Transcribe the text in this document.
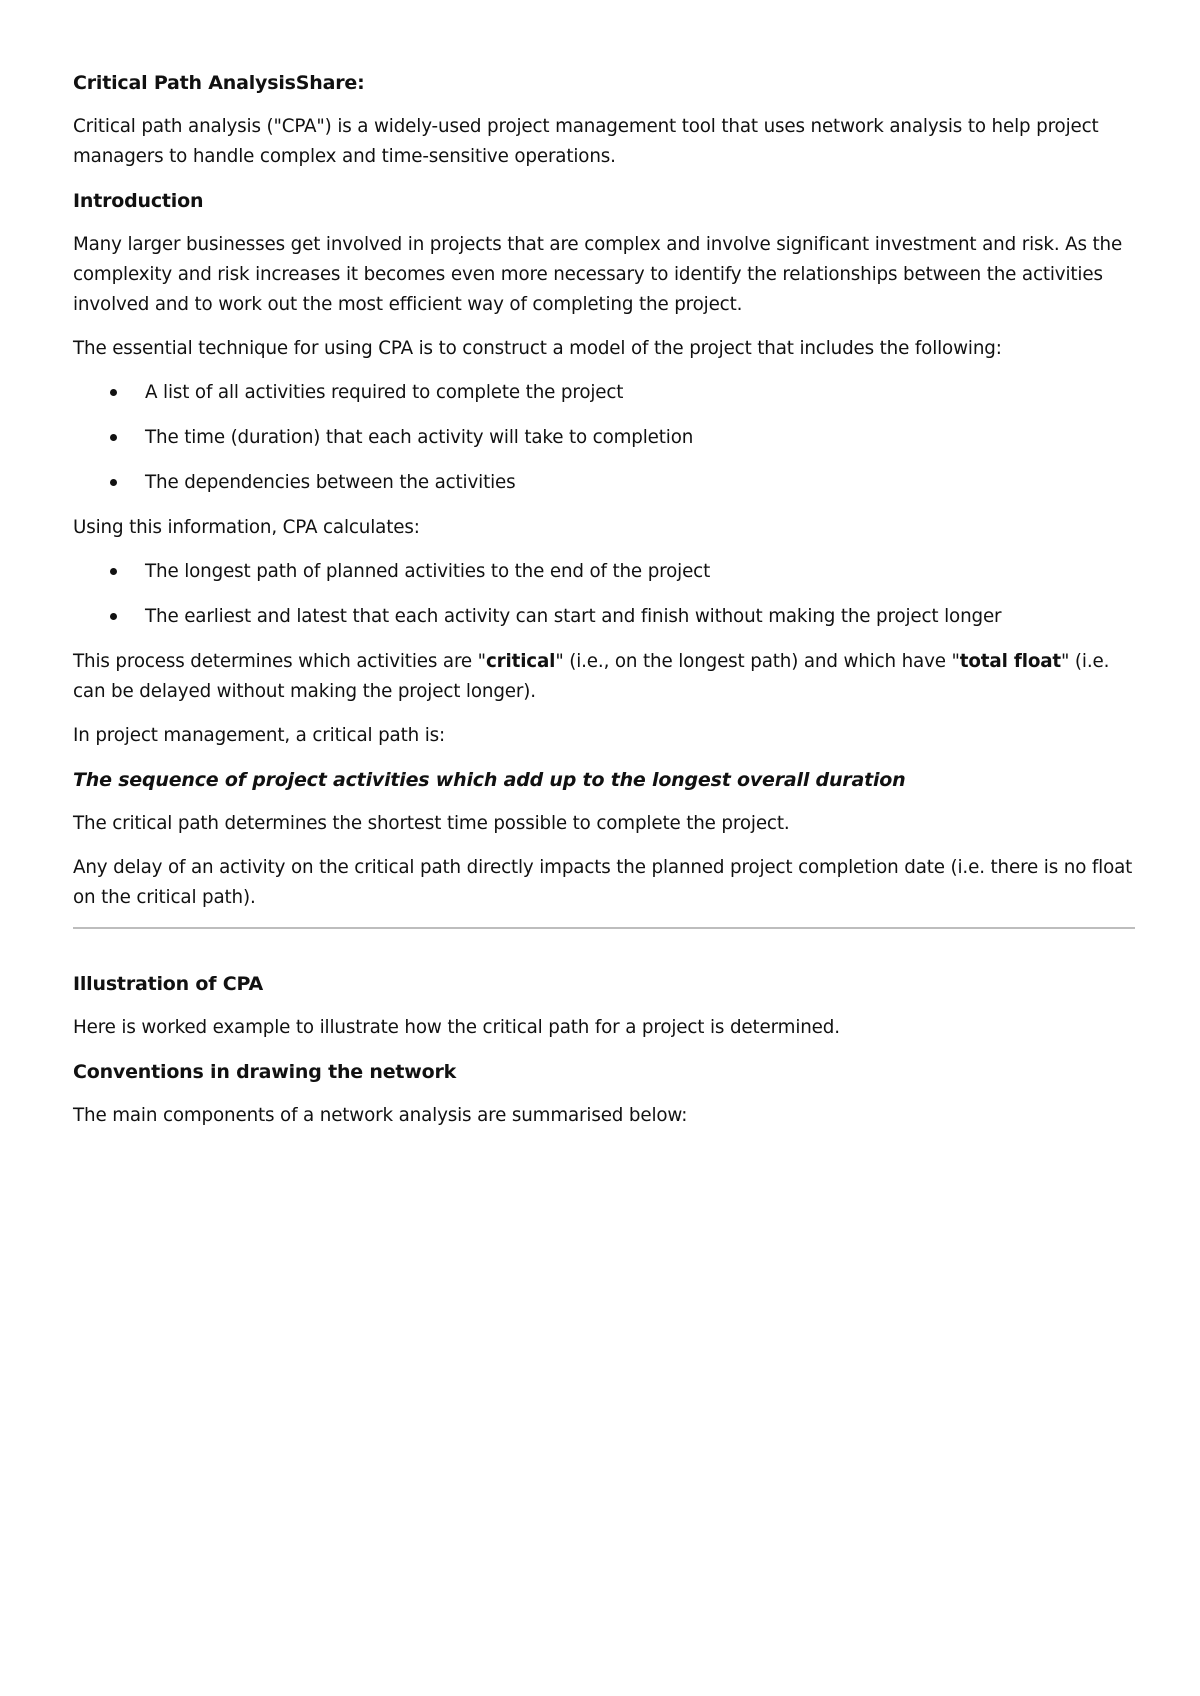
Critical Path AnalysisShare:

Critical path analysis ("CPA") is a widely-used project management tool that uses network analysis to help project managers to handle complex and time-sensitive operations.

Introduction

Many larger businesses get involved in projects that are complex and involve significant investment and risk. As the complexity and risk increases it becomes even more necessary to identify the relationships between the activities involved and to work out the most efficient way of completing the project.

The essential technique for using CPA is to construct a model of the project that includes the following:

A list of all activities required to complete the project
The time (duration) that each activity will take to completion
The dependencies between the activities

Using this information, CPA calculates:

The longest path of planned activities to the end of the project
The earliest and latest that each activity can start and finish without making the project longer

This process determines which activities are "critical" (i.e., on the longest path) and which have "total float" (i.e. can be delayed without making the project longer).

In project management, a critical path is:

The sequence of project activities which add up to the longest overall duration

The critical path determines the shortest time possible to complete the project.

Any delay of an activity on the critical path directly impacts the planned project completion date (i.e. there is no float on the critical path).

Illustration of CPA

Here is worked example to illustrate how the critical path for a project is determined.

Conventions in drawing the network

The main components of a network analysis are summarised below:
